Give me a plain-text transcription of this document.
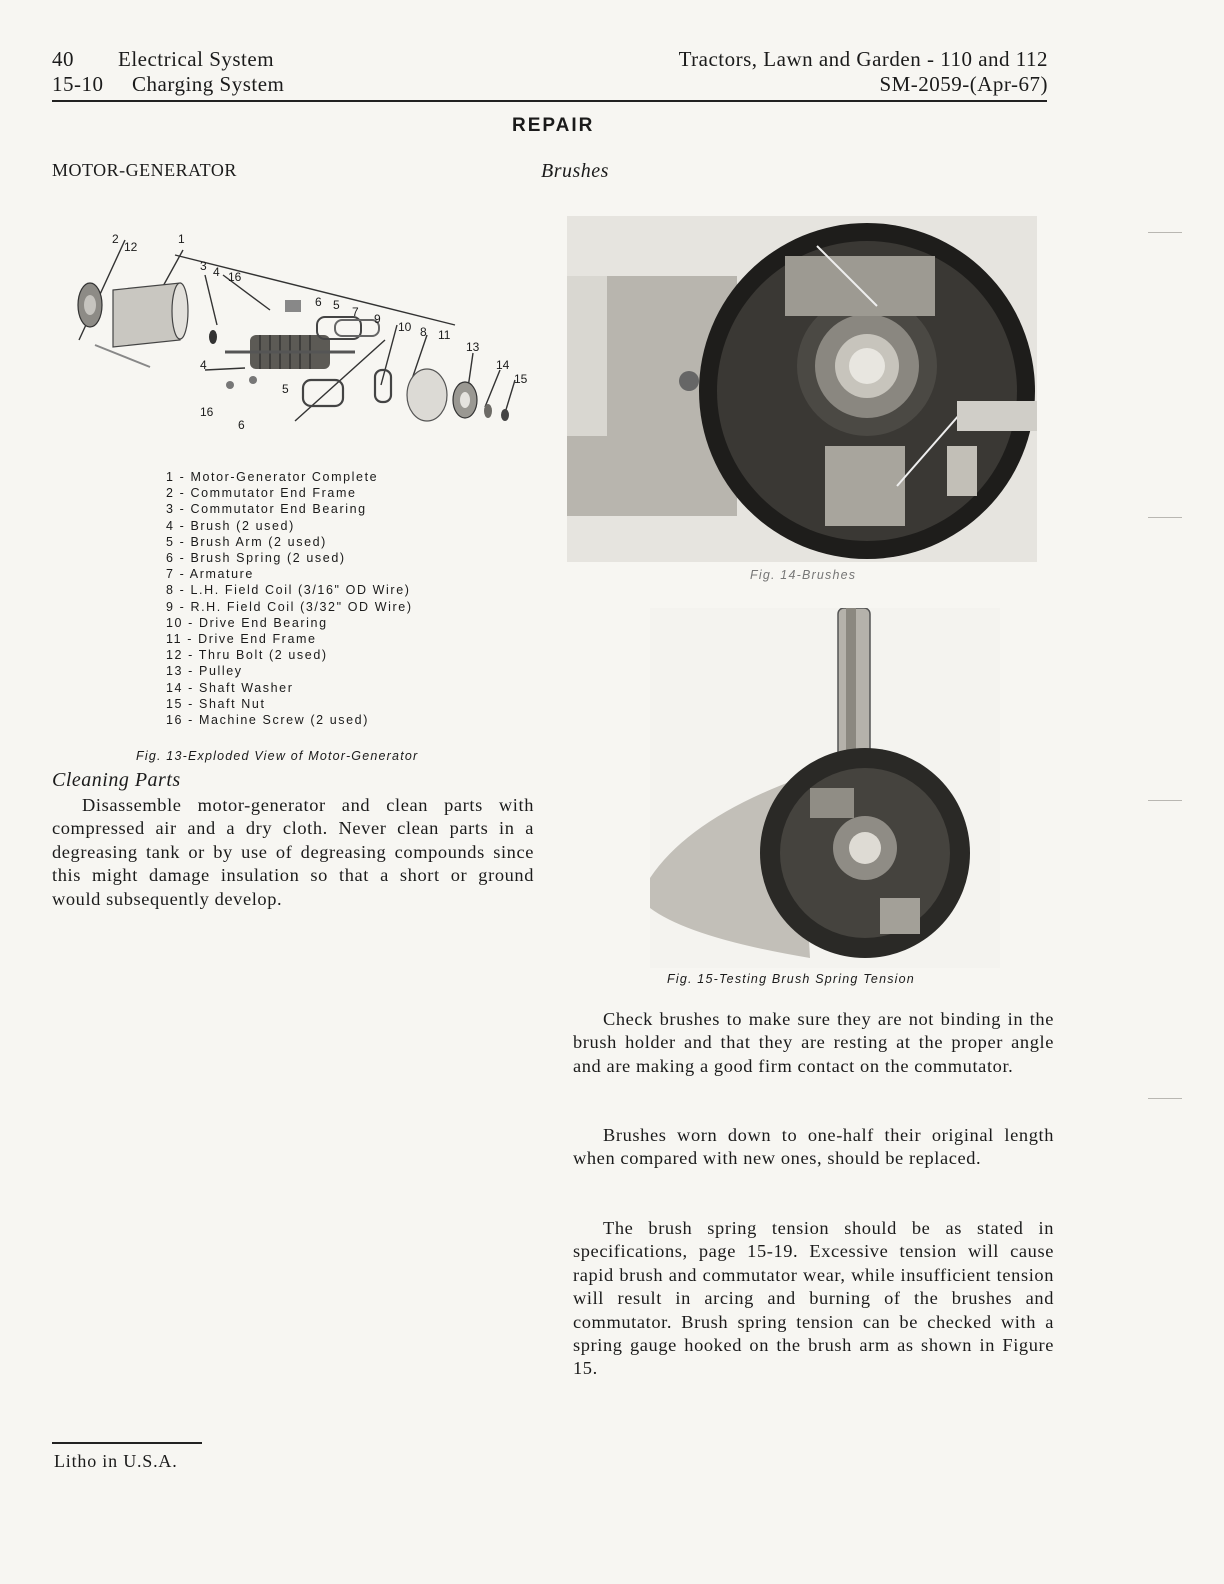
40 Electrical System
15-10 Charging System
Tractors, Lawn and Garden - 110 and 112
SM-2059-(Apr-67)
REPAIR
MOTOR-GENERATOR
2
12
1
3 4 16
6 5 7 9
10 8 11
13
14
15
4
5
16
6
1 - Motor-Generator Complete
2 - Commutator End Frame
3 - Commutator End Bearing
4 - Brush (2 used)
5 - Brush Arm (2 used)
6 - Brush Spring (2 used)
7 - Armature
8 - L.H. Field Coil (3/16" OD Wire)
9 - R.H. Field Coil (3/32" OD Wire)
10 - Drive End Bearing
11 - Drive End Frame
12 - Thru Bolt (2 used)
13 - Pulley
14 - Shaft Washer
15 - Shaft Nut
16 - Machine Screw (2 used)
Fig. 13-Exploded View of Motor-Generator
Cleaning Parts

Disassemble motor-generator and clean parts with compressed air and a dry cloth. Never clean parts in a degreasing tank or by use of degreasing compounds since this might damage insulation so that a short or ground would subsequently develop.

Brushes
Fig. 14-Brushes
Fig. 15-Testing Brush Spring Tension

Check brushes to make sure they are not binding in the brush holder and that they are resting at the proper angle and are making a good firm contact on the commutator.

Brushes worn down to one-half their original length when compared with new ones, should be replaced.

The brush spring tension should be as stated in specifications, page 15-19. Excessive tension will cause rapid brush and commutator wear, while insufficient tension will result in arcing and burning of the brushes and commutator. Brush spring tension can be checked with a spring gauge hooked on the brush arm as shown in Figure 15.

Litho in U.S.A.
